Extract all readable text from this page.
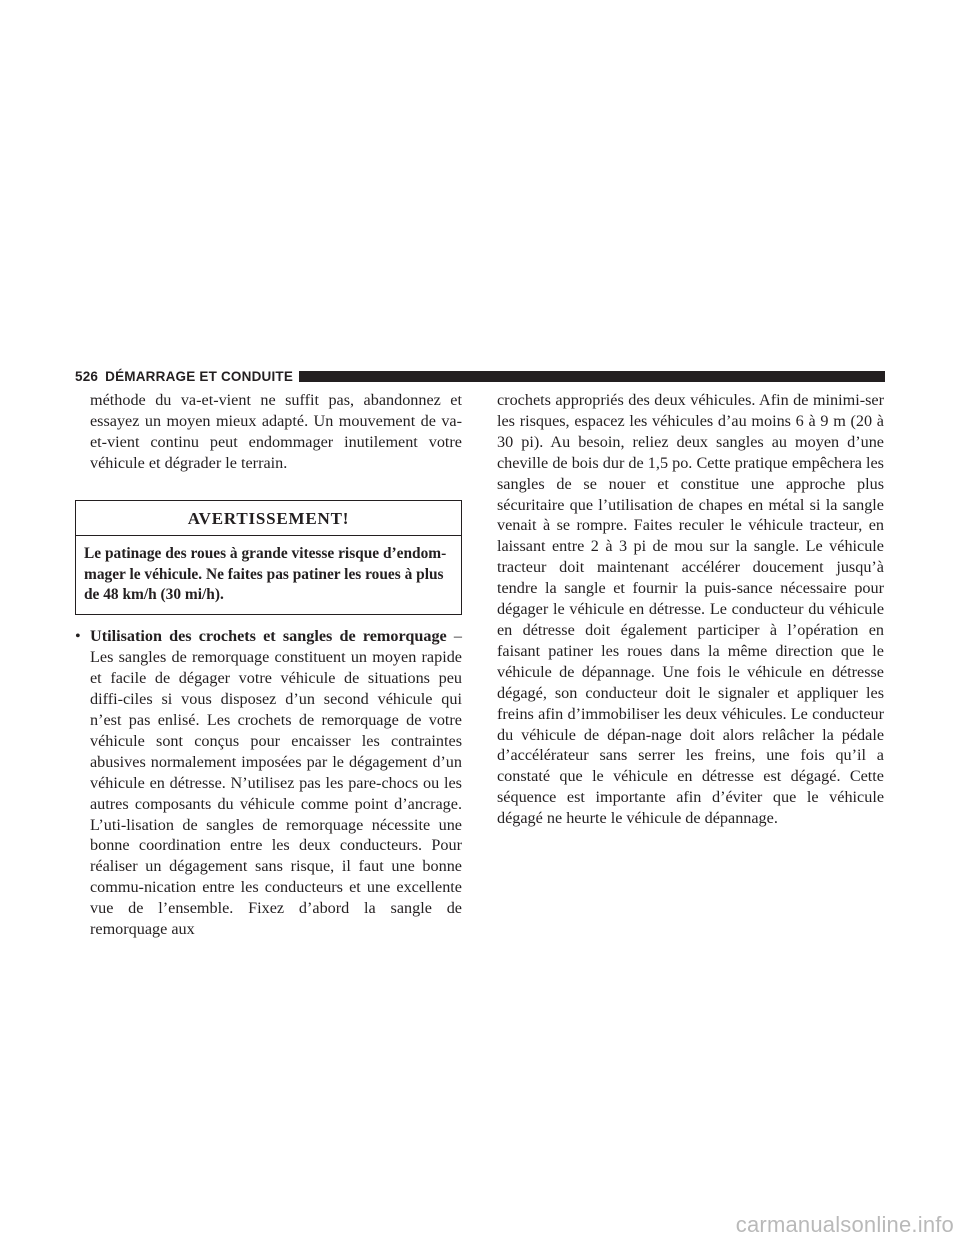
526 DÉMARRAGE ET CONDUITE

méthode du va-et-vient ne suffit pas, abandonnez et essayez un moyen mieux adapté. Un mouvement de va-et-vient continu peut endommager inutilement votre véhicule et dégrader le terrain.

AVERTISSEMENT!
Le patinage des roues à grande vitesse risque d’endom-mager le véhicule. Ne faites pas patiner les roues à plus de 48 km/h (30 mi/h).
• Utilisation des crochets et sangles de remorquage – Les sangles de remorquage constituent un moyen rapide et facile de dégager votre véhicule de situations peu diffi-ciles si vous disposez d’un second véhicule qui n’est pas enlisé. Les crochets de remorquage de votre véhicule sont conçus pour encaisser les contraintes abusives normalement imposées par le dégagement d’un véhicule en détresse. N’utilisez pas les pare-chocs ou les autres composants du véhicule comme point d’ancrage. L’uti-lisation de sangles de remorquage nécessite une bonne coordination entre les deux conducteurs. Pour réaliser un dégagement sans risque, il faut une bonne commu-nication entre les conducteurs et une excellente vue de l’ensemble. Fixez d’abord la sangle de remorquage aux

crochets appropriés des deux véhicules. Afin de minimi-ser les risques, espacez les véhicules d’au moins 6 à 9 m (20 à 30 pi). Au besoin, reliez deux sangles au moyen d’une cheville de bois dur de 1,5 po. Cette pratique empêchera les sangles de se nouer et constitue une approche plus sécuritaire que l’utilisation de chapes en métal si la sangle venait à se rompre. Faites reculer le véhicule tracteur, en laissant entre 2 à 3 pi de mou sur la sangle. Le véhicule tracteur doit maintenant accélérer doucement jusqu’à tendre la sangle et fournir la puis-sance nécessaire pour dégager le véhicule en détresse. Le conducteur du véhicule en détresse doit également participer à l’opération en faisant patiner les roues dans la même direction que le véhicule de dépannage. Une fois le véhicule en détresse dégagé, son conducteur doit le signaler et appliquer les freins afin d’immobiliser les deux véhicules. Le conducteur du véhicule de dépan-nage doit alors relâcher la pédale d’accélérateur sans serrer les freins, une fois qu’il a constaté que le véhicule en détresse est dégagé. Cette séquence est importante afin d’éviter que le véhicule dégagé ne heurte le véhicule de dépannage.

carmanualsonline.info
